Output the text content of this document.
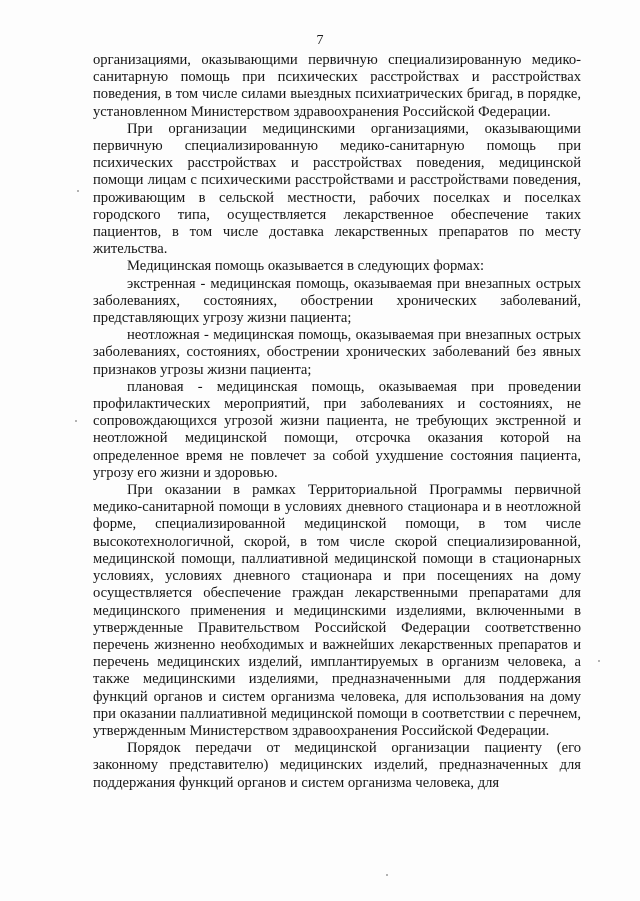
7

организациями, оказывающими первичную специализированную медико-санитарную помощь при психических расстройствах и расстройствах поведения, в том числе силами выездных психиатрических бригад, в порядке, установленном Министерством здравоохранения Российской Федерации.

При организации медицинскими организациями, оказывающими первичную специализированную медико-санитарную помощь при психических расстройствах и расстройствах поведения, медицинской помощи лицам с психическими расстройствами и расстройствами поведения, проживающим в сельской местности, рабочих поселках и поселках городского типа, осуществляется лекарственное обеспечение таких пациентов, в том числе доставка лекарственных препаратов по месту жительства.

Медицинская помощь оказывается в следующих формах:

экстренная - медицинская помощь, оказываемая при внезапных острых заболеваниях, состояниях, обострении хронических заболеваний, представляющих угрозу жизни пациента;

неотложная - медицинская помощь, оказываемая при внезапных острых заболеваниях, состояниях, обострении хронических заболеваний без явных признаков угрозы жизни пациента;

плановая - медицинская помощь, оказываемая при проведении профилактических мероприятий, при заболеваниях и состояниях, не сопровождающихся угрозой жизни пациента, не требующих экстренной и неотложной медицинской помощи, отсрочка оказания которой на определенное время не повлечет за собой ухудшение состояния пациента, угрозу его жизни и здоровью.

При оказании в рамках Территориальной Программы первичной медико-санитарной помощи в условиях дневного стационара и в неотложной форме, специализированной медицинской помощи, в том числе высокотехнологичной, скорой, в том числе скорой специализированной, медицинской помощи, паллиативной медицинской помощи в стационарных условиях, условиях дневного стационара и при посещениях на дому осуществляется обеспечение граждан лекарственными препаратами для медицинского применения и медицинскими изделиями, включенными в утвержденные Правительством Российской Федерации соответственно перечень жизненно необходимых и важнейших лекарственных препаратов и перечень медицинских изделий, имплантируемых в организм человека, а также медицинскими изделиями, предназначенными для поддержания функций органов и систем организма человека, для использования на дому при оказании паллиативной медицинской помощи в соответствии с перечнем, утвержденным Министерством здравоохранения Российской Федерации.

Порядок передачи от медицинской организации пациенту (его законному представителю) медицинских изделий, предназначенных для поддержания функций органов и систем организма человека, для
